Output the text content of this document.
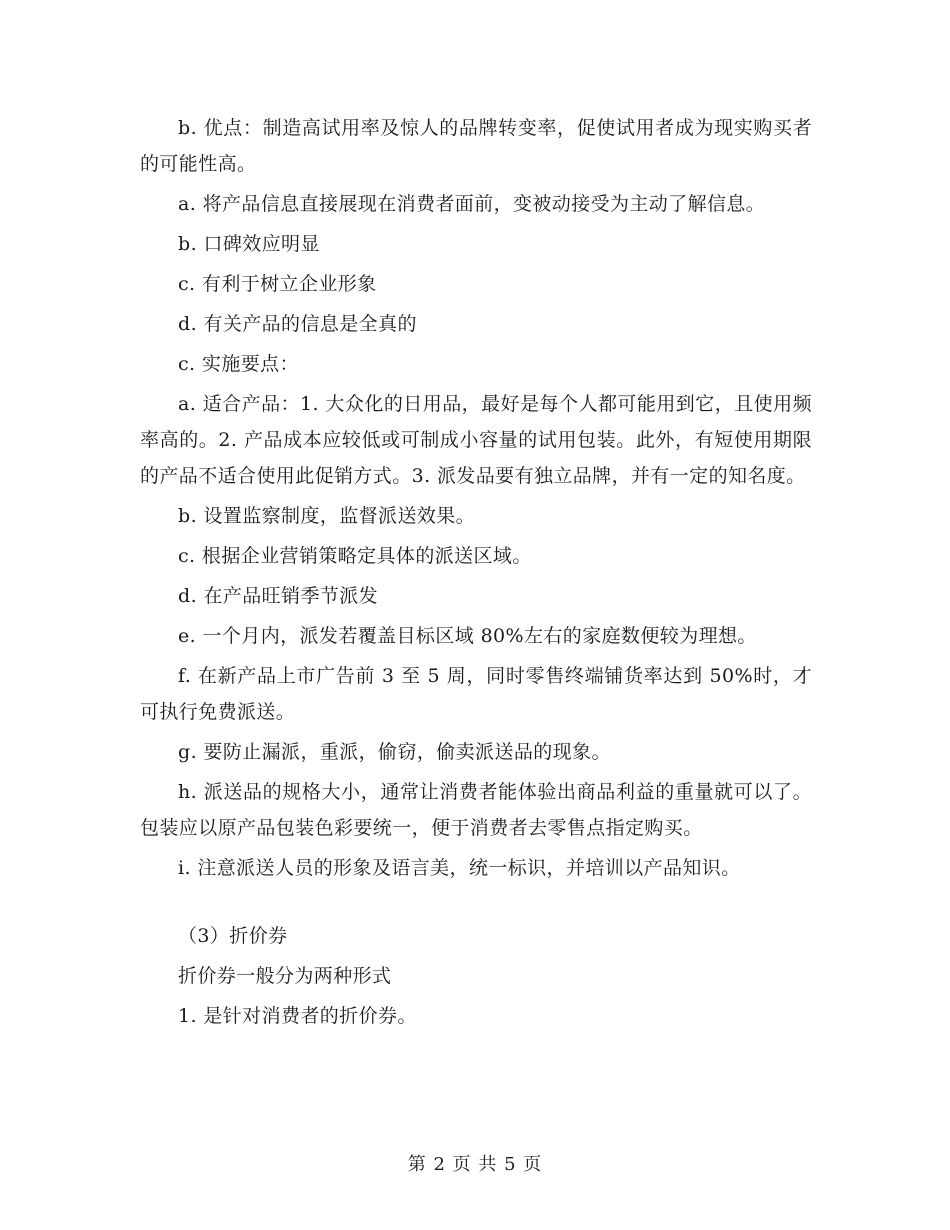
b. 优点：制造高试用率及惊人的品牌转变率，促使试用者成为现实购买者的可能性高。

a. 将产品信息直接展现在消费者面前，变被动接受为主动了解信息。

b. 口碑效应明显

c. 有利于树立企业形象

d. 有关产品的信息是全真的

c. 实施要点：

a. 适合产品：1. 大众化的日用品，最好是每个人都可能用到它，且使用频率高的。2. 产品成本应较低或可制成小容量的试用包装。此外，有短使用期限的产品不适合使用此促销方式。3. 派发品要有独立品牌，并有一定的知名度。

b. 设置监察制度，监督派送效果。

c. 根据企业营销策略定具体的派送区域。

d. 在产品旺销季节派发

e. 一个月内，派发若覆盖目标区域 80%左右的家庭数便较为理想。

f. 在新产品上市广告前 3 至 5 周，同时零售终端铺货率达到 50%时，才可执行免费派送。

g. 要防止漏派，重派，偷窃，偷卖派送品的现象。

h. 派送品的规格大小，通常让消费者能体验出商品利益的重量就可以了。包装应以原产品包装色彩要统一，便于消费者去零售点指定购买。

i. 注意派送人员的形象及语言美，统一标识，并培训以产品知识。

（3）折价券

折价券一般分为两种形式

1. 是针对消费者的折价券。

第 2 页 共 5 页
